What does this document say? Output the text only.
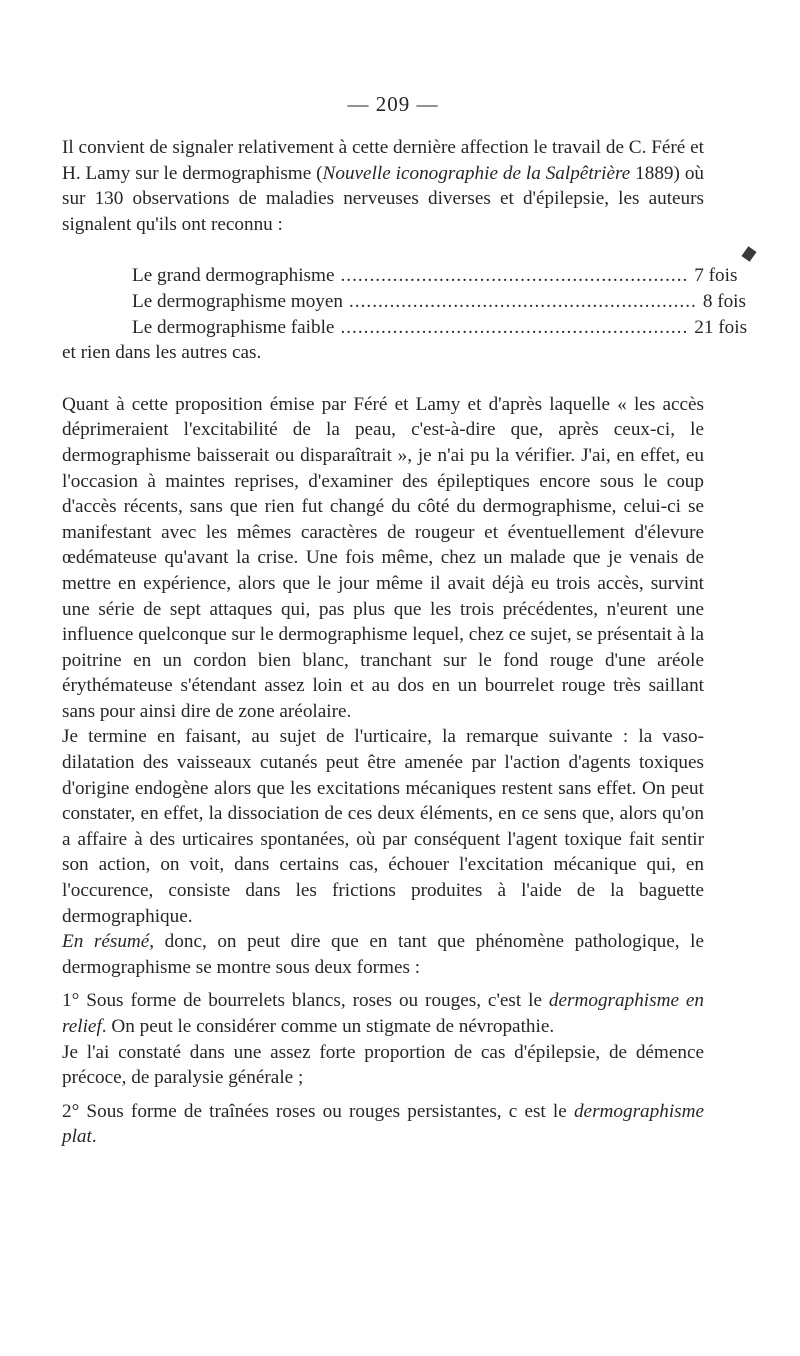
— 209 —

Il convient de signaler relativement à cette dernière affection le travail de C. Féré et H. Lamy sur le dermographisme (Nouvelle iconographie de la Salpêtrière 1889) où sur 130 observations de maladies nerveuses diverses et d'épilepsie, les auteurs signalent qu'ils ont reconnu :

Le grand dermographisme ............................................................ 7 fois
Le dermographisme moyen ............................................................ 8 fois
Le dermographisme faible ............................................................ 21 fois

et rien dans les autres cas.

Quant à cette proposition émise par Féré et Lamy et d'après laquelle « les accès déprimeraient l'excitabilité de la peau, c'est-à-dire que, après ceux-ci, le dermographisme baisserait ou disparaîtrait », je n'ai pu la vérifier. J'ai, en effet, eu l'occasion à maintes reprises, d'examiner des épileptiques encore sous le coup d'accès récents, sans que rien fut changé du côté du dermographisme, celui-ci se manifestant avec les mêmes caractères de rougeur et éventuellement d'élevure œdémateuse qu'avant la crise. Une fois même, chez un malade que je venais de mettre en expérience, alors que le jour même il avait déjà eu trois accès, survint une série de sept attaques qui, pas plus que les trois précédentes, n'eurent une influence quelconque sur le dermographisme lequel, chez ce sujet, se présentait à la poitrine en un cordon bien blanc, tranchant sur le fond rouge d'une aréole érythémateuse s'étendant assez loin et au dos en un bourrelet rouge très saillant sans pour ainsi dire de zone aréolaire.

Je termine en faisant, au sujet de l'urticaire, la remarque suivante : la vaso-dilatation des vaisseaux cutanés peut être amenée par l'action d'agents toxiques d'origine endogène alors que les excitations mécaniques restent sans effet. On peut constater, en effet, la dissociation de ces deux éléments, en ce sens que, alors qu'on a affaire à des urticaires spontanées, où par conséquent l'agent toxique fait sentir son action, on voit, dans certains cas, échouer l'excitation mécanique qui, en l'occurence, consiste dans les frictions produites à l'aide de la baguette dermographique.

En résumé, donc, on peut dire que en tant que phénomène pathologique, le dermographisme se montre sous deux formes :

1° Sous forme de bourrelets blancs, roses ou rouges, c'est le dermographisme en relief. On peut le considérer comme un stigmate de névropathie.

Je l'ai constaté dans une assez forte proportion de cas d'épilepsie, de démence précoce, de paralysie générale ;

2° Sous forme de traînées roses ou rouges persistantes, c est le dermographisme plat.
